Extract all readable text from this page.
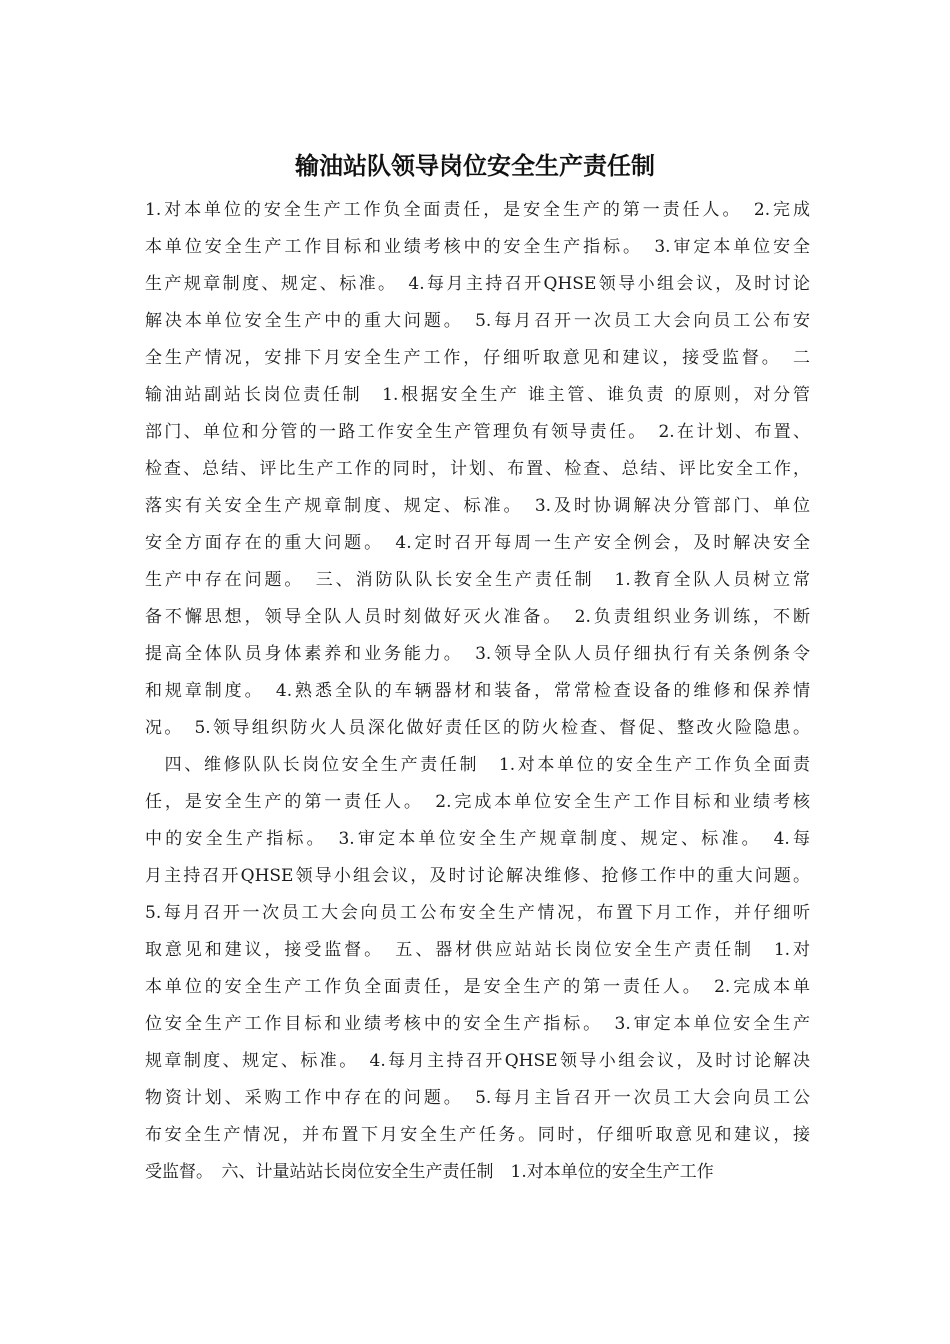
输油站队领导岗位安全生产责任制
1.对本单位的安全生产工作负全面责任，是安全生产的第一责任人。　2.完成
本单位安全生产工作目标和业绩考核中的安全生产指标。　3.审定本单位安全
生产规章制度、规定、标准。　4.每月主持召开QHSE领导小组会议，及时讨论
解决本单位安全生产中的重大问题。　5.每月召开一次员工大会向员工公布安
全生产情况，安排下月安全生产工作，仔细听取意见和建议，接受监督。　二
输油站副站长岗位责任制　1.根据安全生产 谁主管、谁负责 的原则，对分管
部门、单位和分管的一路工作安全生产管理负有领导责任。　2.在计划、布置、
检查、总结、评比生产工作的同时，计划、布置、检查、总结、评比安全工作，
落实有关安全生产规章制度、规定、标准。　3.及时协调解决分管部门、单位
安全方面存在的重大问题。　4.定时召开每周一生产安全例会，及时解决安全
生产中存在问题。　三、消防队队长安全生产责任制　1.教育全队人员树立常
备不懈思想，领导全队人员时刻做好灭火准备。　2.负责组织业务训练，不断
提高全体队员身体素养和业务能力。　3.领导全队人员仔细执行有关条例条令
和规章制度。　4.熟悉全队的车辆器材和装备，常常检查设备的维修和保养情
况。　5.领导组织防火人员深化做好责任区的防火检查、督促、整改火险隐患。
　四、维修队队长岗位安全生产责任制　1.对本单位的安全生产工作负全面责
任，是安全生产的第一责任人。　2.完成本单位安全生产工作目标和业绩考核
中的安全生产指标。　3.审定本单位安全生产规章制度、规定、标准。　4.每
月主持召开QHSE领导小组会议，及时讨论解决维修、抢修工作中的重大问题。
5.每月召开一次员工大会向员工公布安全生产情况，布置下月工作，并仔细听
取意见和建议，接受监督。　五、器材供应站站长岗位安全生产责任制　1.对
本单位的安全生产工作负全面责任，是安全生产的第一责任人。　2.完成本单
位安全生产工作目标和业绩考核中的安全生产指标。　3.审定本单位安全生产
规章制度、规定、标准。　4.每月主持召开QHSE领导小组会议，及时讨论解决
物资计划、采购工作中存在的问题。　5.每月主旨召开一次员工大会向员工公
布安全生产情况，并布置下月安全生产任务。同时，仔细听取意见和建议，接
受监督。　六、计量站站长岗位安全生产责任制　1.对本单位的安全生产工作
